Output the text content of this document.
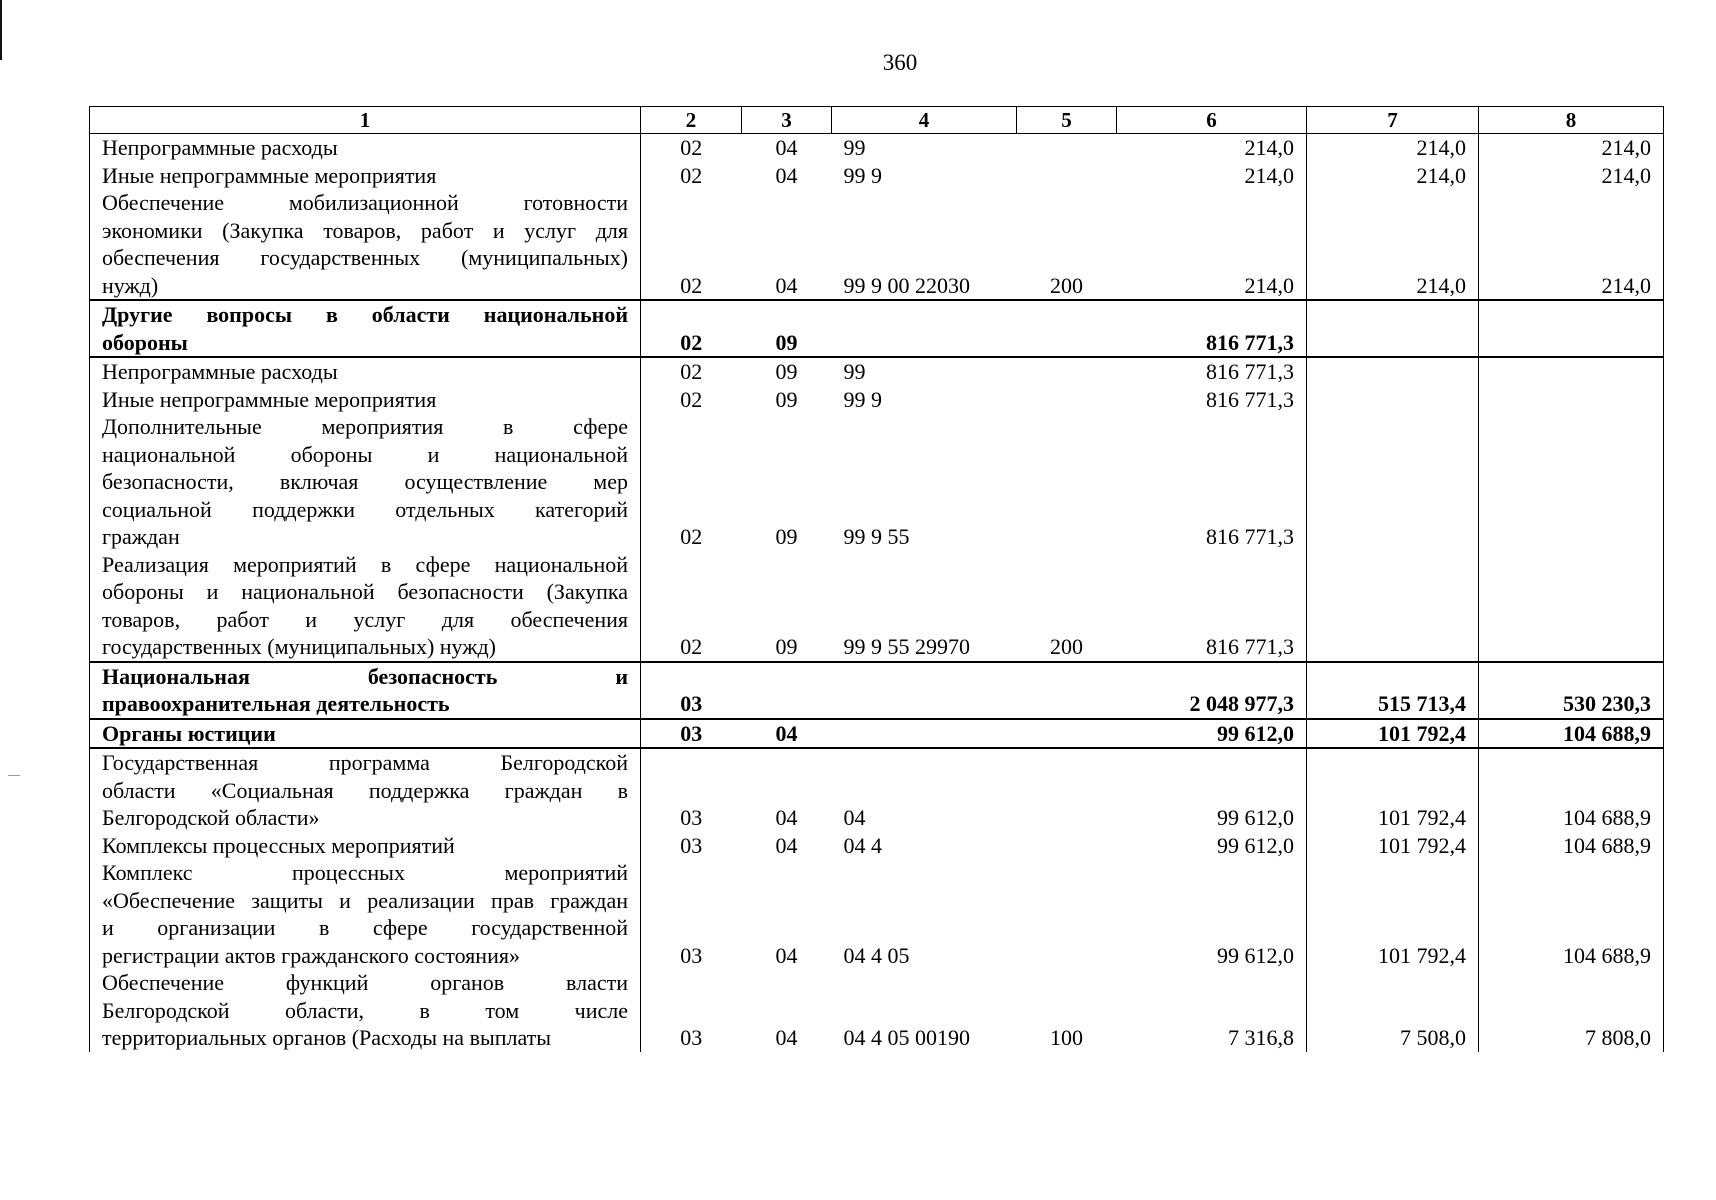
360
1	2	3	4	5	6	7	8

Непрограммные расходы	02	04	99		214,0	214,0	214,0

Иные непрограммные мероприятия	02	04	99 9		214,0	214,0	214,0

Обеспечение мобилизационной готовности
экономики (Закупка товаров, работ и услуг для
обеспечения государственных (муниципальных)
нужд)	02	04	99 9 00 22030	200	214,0	214,0	214,0

Другие вопросы в области национальной
обороны	02	09			816 771,3		

Непрограммные расходы	02	09	99		816 771,3		

Иные непрограммные мероприятия	02	09	99 9		816 771,3		

Дополнительные мероприятия в сфере
национальной обороны и национальной
безопасности, включая осуществление мер
социальной поддержки отдельных категорий
граждан	02	09	99 9 55		816 771,3		

Реализация мероприятий в сфере национальной
обороны и национальной безопасности (Закупка
товаров, работ и услуг для обеспечения
государственных (муниципальных) нужд)	02	09	99 9 55 29970	200	816 771,3		

Национальная безопасность и
правоохранительная деятельность	03				2 048 977,3	515 713,4	530 230,3

Органы юстиции	03	04			99 612,0	101 792,4	104 688,9

Государственная программа Белгородской
области «Социальная поддержка граждан в
Белгородской области»	03	04	04		99 612,0	101 792,4	104 688,9

Комплексы процессных мероприятий	03	04	04 4		99 612,0	101 792,4	104 688,9

Комплекс процессных мероприятий
«Обеспечение защиты и реализации прав граждан
и организации в сфере государственной
регистрации актов гражданского состояния»	03	04	04 4 05		99 612,0	101 792,4	104 688,9

Обеспечение функций органов власти
Белгородской области, в том числе
территориальных органов (Расходы на выплаты	03	04	04 4 05 00190	100	7 316,8	7 508,0	7 808,0
